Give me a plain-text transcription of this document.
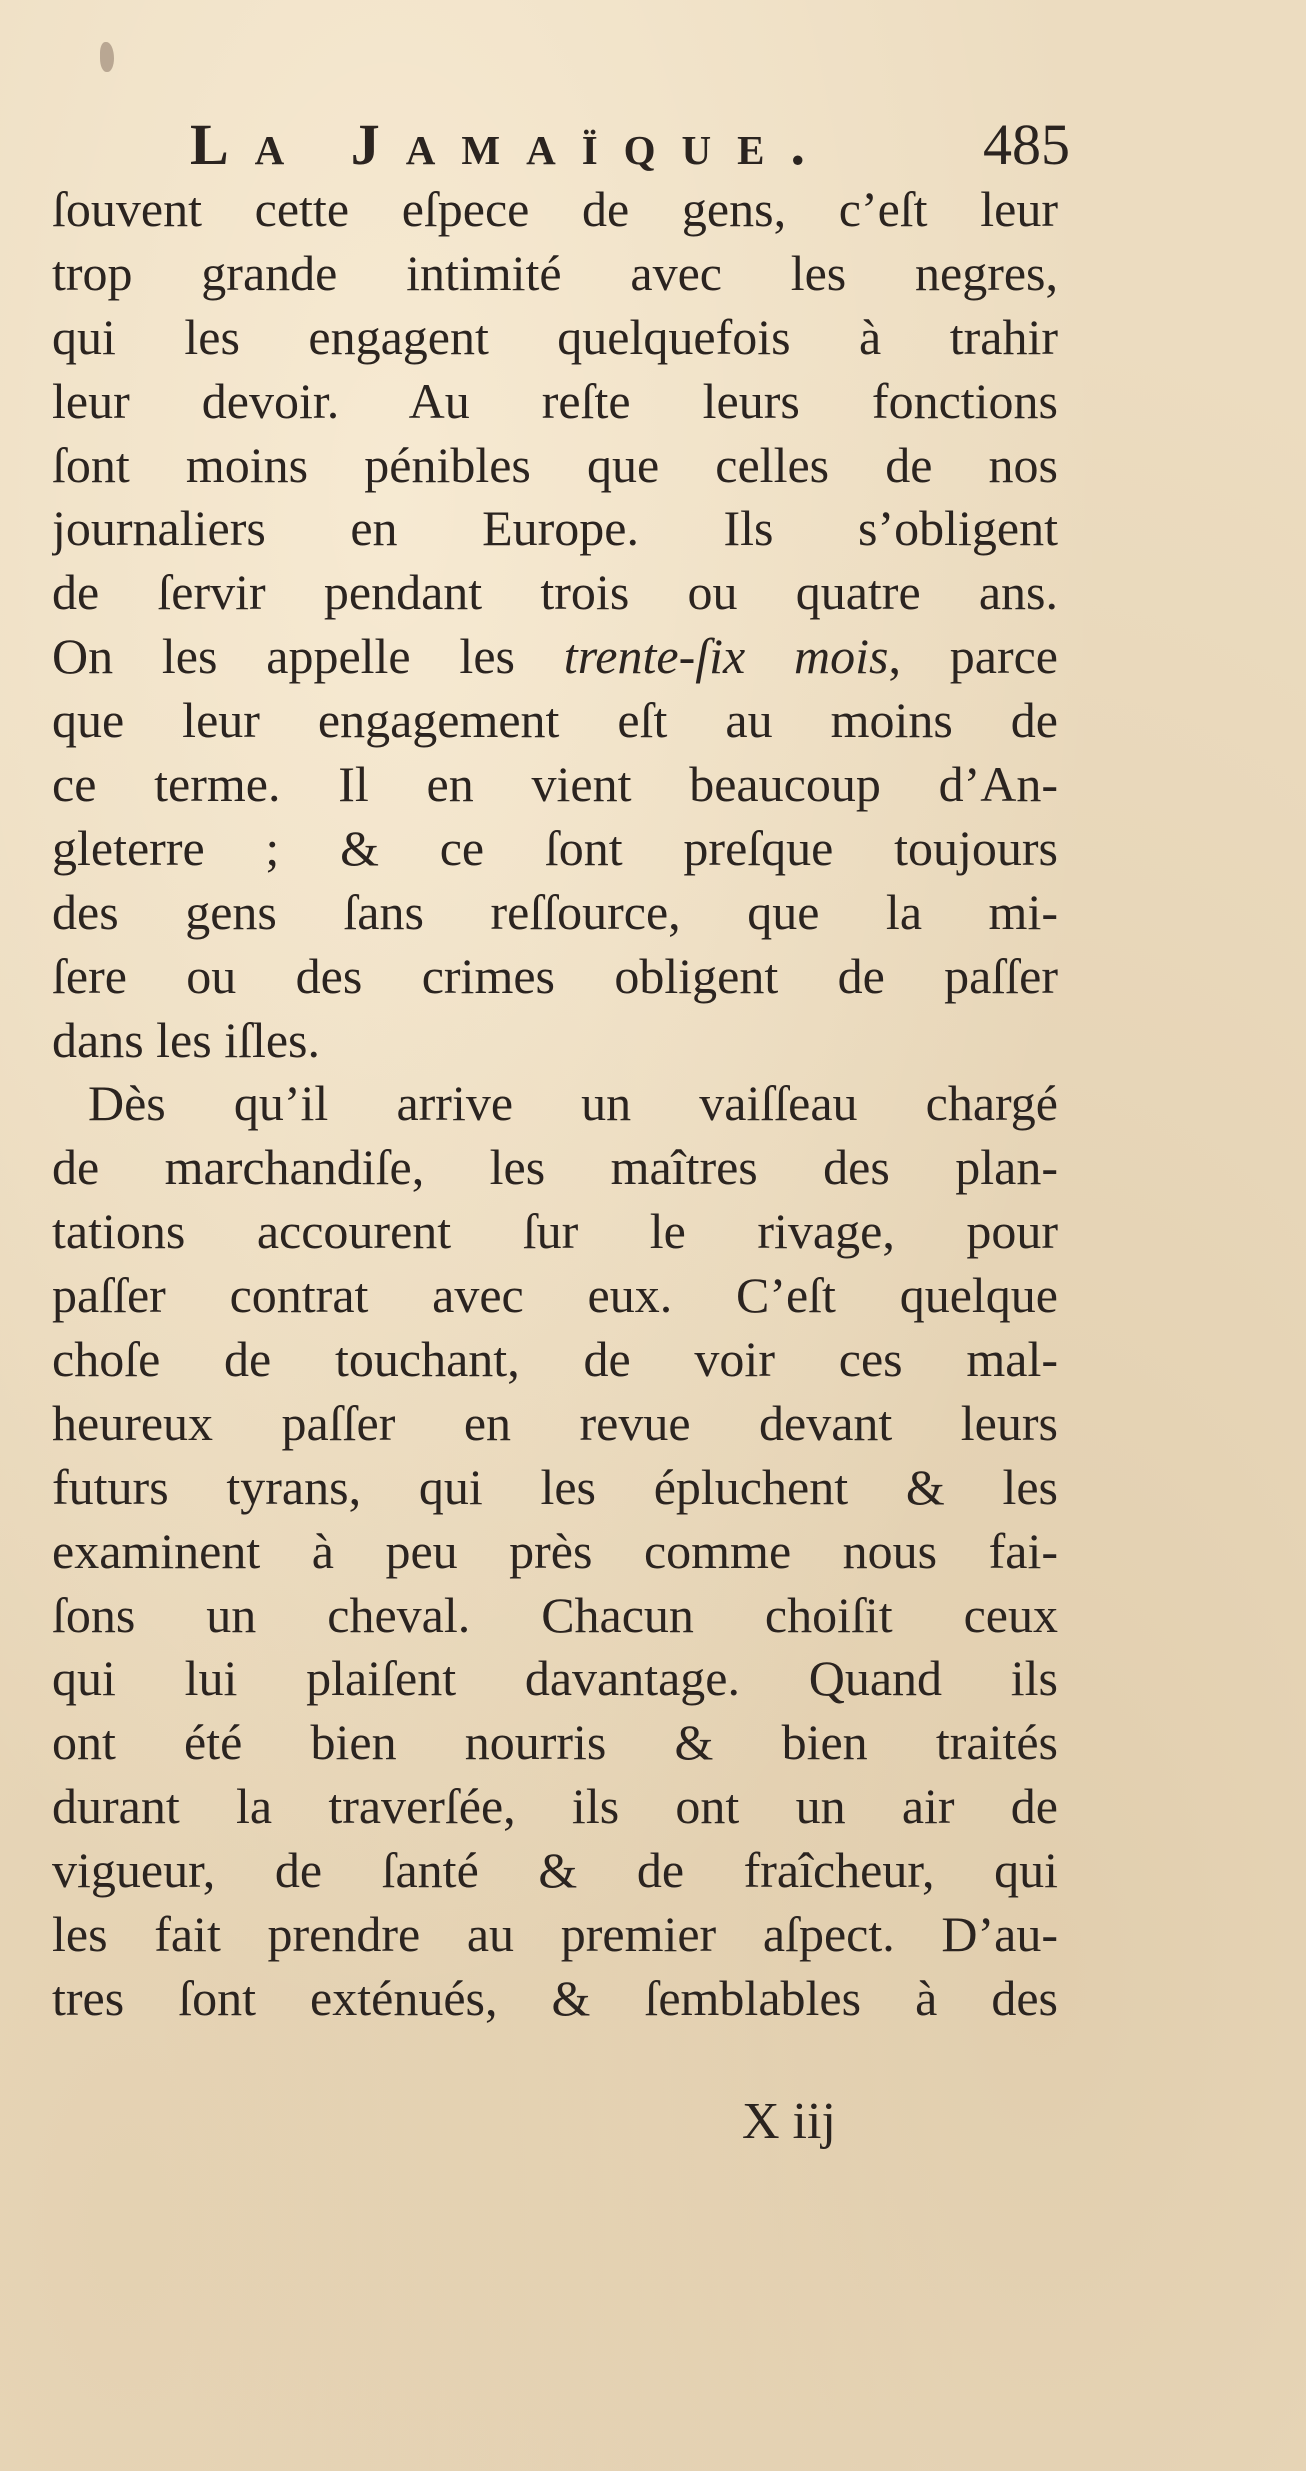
La Jamaïque.	485
ſouvent cette eſpece de gens, c’eſt leur
trop grande intimité avec les negres,
qui les engagent quelquefois à trahir
leur devoir. Au reſte leurs fonctions
ſont moins pénibles que celles de nos
journaliers en Europe. Ils s’obligent
de ſervir pendant trois ou quatre ans.
On les appelle les trente-ſix mois, parce
que leur engagement eſt au moins de
ce terme. Il en vient beaucoup d’An-
gleterre ; & ce ſont preſque toujours
des gens ſans reſſource, que la mi-
ſere ou des crimes obligent de paſſer
dans les iſles.
Dès qu’il arrive un vaiſſeau chargé
de marchandiſe, les maîtres des plan-
tations accourent ſur le rivage, pour
paſſer contrat avec eux. C’eſt quelque
choſe de touchant, de voir ces mal-
heureux paſſer en revue devant leurs
futurs tyrans, qui les épluchent & les
examinent à peu près comme nous fai-
ſons un cheval. Chacun choiſit ceux
qui lui plaiſent davantage. Quand ils
ont été bien nourris & bien traités
durant la traverſée, ils ont un air de
vigueur, de ſanté & de fraîcheur, qui
les fait prendre au premier aſpect. D’au-
tres ſont exténués, & ſemblables à des
X iij
